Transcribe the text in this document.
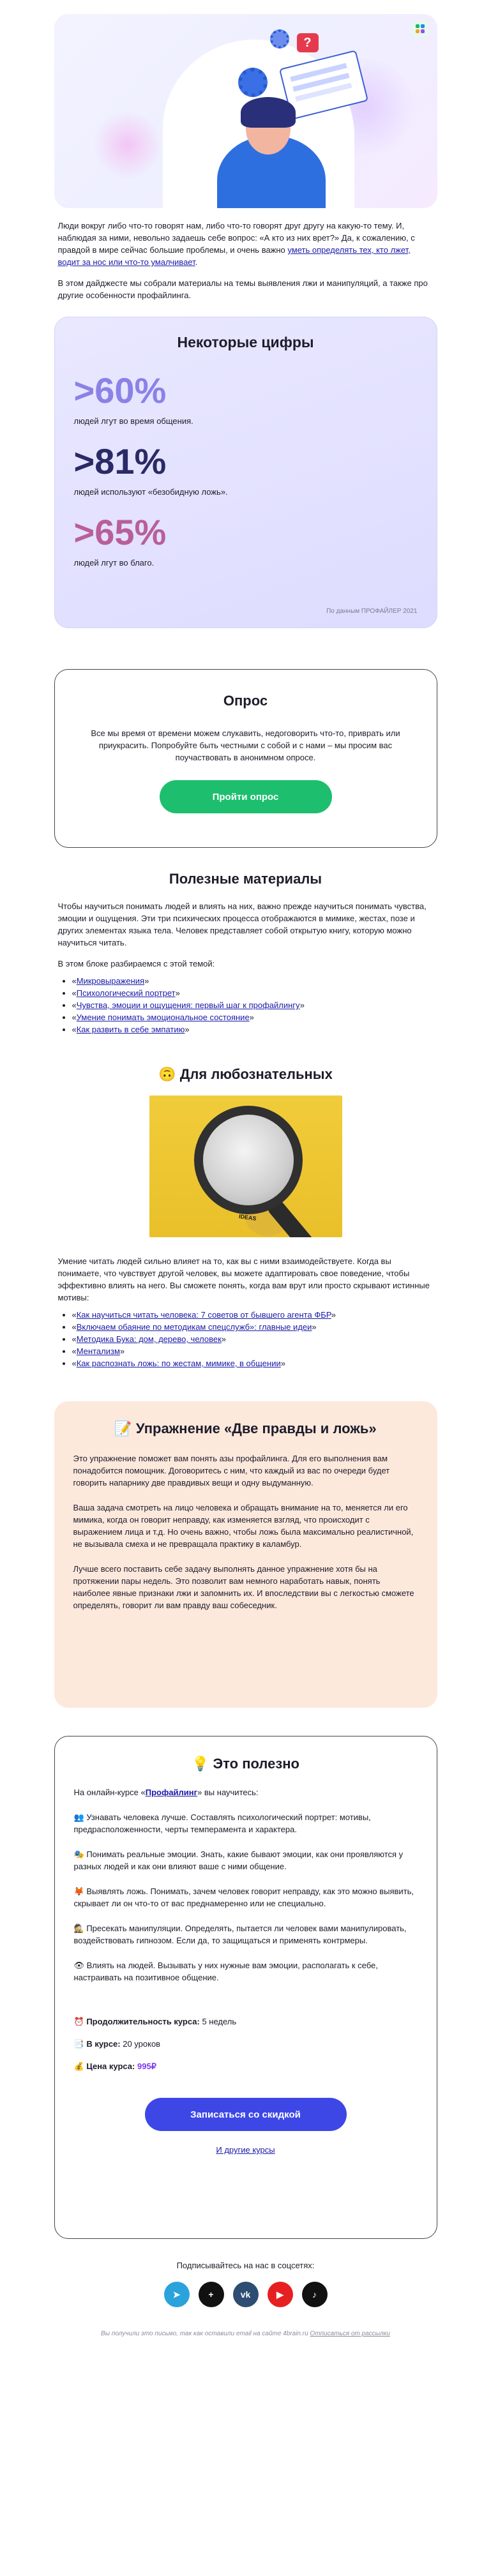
?

Люди вокруг либо что-то говорят нам, либо что-то говорят друг другу на какую-то тему. И, наблюдая за ними, невольно задаешь себе вопрос: «А кто из них врет?» Да, к сожалению, с правдой в мире сейчас большие проблемы, и очень важно уметь определять тех, кто лжет, водит за нос или что-то умалчивает.

В этом дайджесте мы собрали материалы на темы выявления лжи и манипуляций, а также про другие особенности профайлинга.

Некоторые цифры
>60%
людей лгут во время общения.
>81%
людей используют «безобидную ложь».
>65%
людей лгут во благо.
По данным ПРОФАЙЛЕР 2021
Опрос

Все мы время от времени можем слукавить, недоговорить что-то, приврать или приукрасить. Попробуйте быть честными с собой и с нами – мы просим вас поучаствовать в анонимном опросе.

Пройти опрос
Полезные материалы

Чтобы научиться понимать людей и влиять на них, важно прежде научиться понимать чувства, эмоции и ощущения. Эти три психических процесса отображаются в мимике, жестах, позе и других элементах языка тела. Человек представляет собой открытую книгу, которую можно научиться читать.

В этом блоке разбираемся с этой темой:

• «Микровыражения»
• «Психологический портрет»
• «Чувства, эмоции и ощущения: первый шаг к профайлингу»
• «Умение понимать эмоциональное состояние»
• «Как развить в себе эмпатию»
🙃 Для любознательных
IDEAS

Умение читать людей сильно влияет на то, как вы с ними взаимодействуете. Когда вы понимаете, что чувствует другой человек, вы можете адаптировать свое поведение, чтобы эффективно влиять на него. Вы сможете понять, когда вам врут или просто скрывают истинные мотивы:

• «Как научиться читать человека: 7 советов от бывшего агента ФБР»
• «Включаем обаяние по методикам спецслужб»: главные идеи»
• «Методика Бука: дом, дерево, человек»
• «Ментализм»
• «Как распознать ложь: по жестам, мимике, в общении»
📝 Упражнение «Две правды и ложь»

Это упражнение поможет вам понять азы профайлинга. Для его выполнения вам понадобится помощник. Договоритесь с ним, что каждый из вас по очереди будет говорить напарнику две правдивых вещи и одну выдуманную.

Ваша задача смотреть на лицо человека и обращать внимание на то, меняется ли его мимика, когда он говорит неправду, как изменяется взгляд, что происходит с выражением лица и т.д. Но очень важно, чтобы ложь была максимально реалистичной, не вызывала смеха и не превращала практику в каламбур.

Лучше всего поставить себе задачу выполнять данное упражнение хотя бы на протяжении пары недель. Это позволит вам немного наработать навык, понять наиболее явные признаки лжи и запомнить их. И впоследствии вы с легкостью сможете определять, говорит ли вам правду ваш собеседник.

💡 Это полезно

На онлайн-курсе «Профайлинг» вы научитесь:

👥 Узнавать человека лучше. Составлять психологический портрет: мотивы, предрасположенности, черты темперамента и характера.

🎭 Понимать реальные эмоции. Знать, какие бывают эмоции, как они проявляются у разных людей и как они влияют ваше с ними общение.

🦊 Выявлять ложь. Понимать, зачем человек говорит неправду, как это можно выявить, скрывает ли он что-то от вас преднамеренно или не специально.

🕵 Пресекать манипуляции. Определять, пытается ли человек вами манипулировать, воздействовать гипнозом. Если да, то защищаться и применять контрмеры.

👁 Влиять на людей. Вызывать у них нужные вам эмоции, располагать к себе, настраивать на позитивное общение.

⏰ Продолжительность курса: 5 недель

📑 В курсе: 20 уроков

💰 Цена курса: 995₽

Записаться со скидкой
И другие курсы
Подписывайтесь на нас в соцсетях:
➤	+	vk	▶	♪
Вы получили это письмо, так как оставили email на сайте 4brain.ru Отписаться от рассылки
